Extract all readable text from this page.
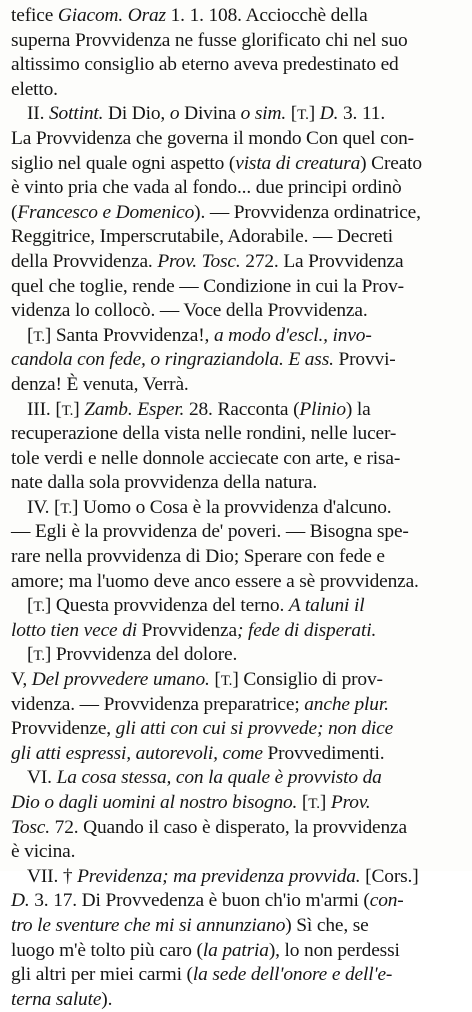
tefice Giacom. Oraz 1. 1. 108. Acciocchè della
superna Provvidenza ne fusse glorificato chi nel suo
altissimo consiglio ab eterno aveva predestinato ed
eletto.
II. Sottint. Di Dio, o Divina o sim. [T.] D. 3. 11.
La Provvidenza che governa il mondo Con quel con-
siglio nel quale ogni aspetto (vista di creatura) Creato
è vinto pria che vada al fondo... due principi ordinò
(Francesco e Domenico). — Provvidenza ordinatrice,
Reggitrice, Imperscrutabile, Adorabile. — Decreti
della Provvidenza. Prov. Tosc. 272. La Provvidenza
quel che toglie, rende — Condizione in cui la Prov-
videnza lo collocò. — Voce della Provvidenza.
[T.] Santa Provvidenza!, a modo d'escl., invo-
candola con fede, o ringraziandola. E ass. Provvi-
denza! È venuta, Verrà.
III. [T.] Zamb. Esper. 28. Racconta (Plinio) la
recuperazione della vista nelle rondini, nelle lucer-
tole verdi e nelle donnole acciecate con arte, e risa-
nate dalla sola provvidenza della natura.
IV. [T.] Uomo o Cosa è la provvidenza d'alcuno.
— Egli è la provvidenza de' poveri. — Bisogna spe-
rare nella provvidenza di Dio; Sperare con fede e
amore; ma l'uomo deve anco essere a sè provvidenza.
[T.] Questa provvidenza del terno. A taluni il
lotto tien vece di Provvidenza; fede di disperati.
[T.] Provvidenza del dolore.
V, Del provvedere umano. [T.] Consiglio di prov-
videnza. — Provvidenza preparatrice; anche plur.
Provvidenze, gli atti con cui si provvede; non dice
gli atti espressi, autorevoli, come Provvedimenti.
VI. La cosa stessa, con la quale è provvisto da
Dio o dagli uomini al nostro bisogno. [T.] Prov.
Tosc. 72. Quando il caso è disperato, la provvidenza
è vicina.
VII. † Previdenza; ma previdenza provvida. [Cors.]
D. 3. 17. Di Provvedenza è buon ch'io m'armi (con-
tro le sventure che mi si annunziano) Sì che, se
luogo m'è tolto più caro (la patria), lo non perdessi
gli altri per miei carmi (la sede dell'onore e dell'e-
terna salute).
